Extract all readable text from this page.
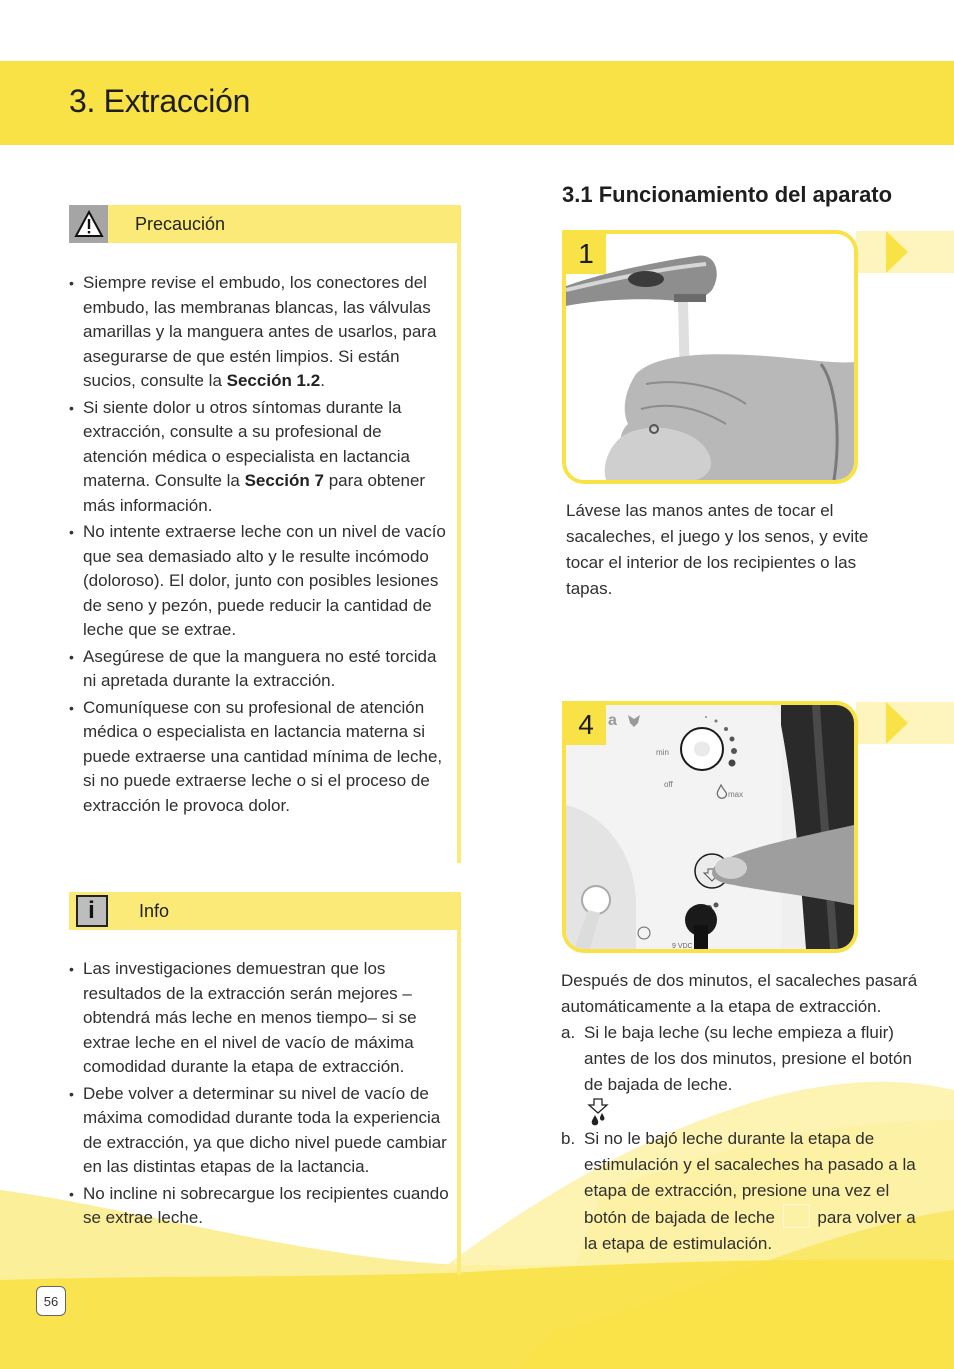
3. Extracción
Precaución
• Siempre revise el embudo, los conectores del embudo, las membranas blancas, las válvulas amarillas y la manguera antes de usarlos, para asegurarse de que estén limpios. Si están sucios, consulte la Sección 1.2.
• Si siente dolor u otros síntomas durante la extracción, consulte a su profesional de atención médica o especialista en lactancia materna. Consulte la Sección 7 para obtener más información.
• No intente extraerse leche con un nivel de vacío que sea demasiado alto y le resulte incómodo (doloroso). El dolor, junto con posibles lesiones de seno y pezón, puede reducir la cantidad de leche que se extrae.
• Asegúrese de que la manguera no esté torcida ni apretada durante la extracción.
• Comuníquese con su profesional de atención médica o especialista en lactancia materna si puede extraerse una cantidad mínima de leche, si no puede extraerse leche o si el proceso de extracción le provoca dolor.
i	Info
• Las investigaciones demuestran que los resultados de la extracción serán mejores –obtendrá más leche en menos tiempo– si se extrae leche en el nivel de vacío de máxima comodidad durante la etapa de extracción.
• Debe volver a determinar su nivel de vacío de máxima comodidad durante toda la experiencia de extracción, ya que dicho nivel puede cambiar en las distintas etapas de la lactancia.
• No incline ni sobrecargue los recipientes cuando se extrae leche.
56
3.1 Funcionamiento del aparato
1

Lávese las manos antes de tocar el sacaleches, el juego y los senos, y evite tocar el interior de los recipientes o las tapas.

4 a
min
off
max
9 VDC

Después de dos minutos, el sacaleches pasará automáticamente a la etapa de extracción.

a. Si le baja leche (su leche empieza a fluir) antes de los dos minutos, presione el botón de bajada de leche.
b. Si no le bajó leche durante la etapa de estimulación y el sacaleches ha pasado a la etapa de extracción, presione una vez el botón de bajada de leche para volver a la etapa de estimulación.
